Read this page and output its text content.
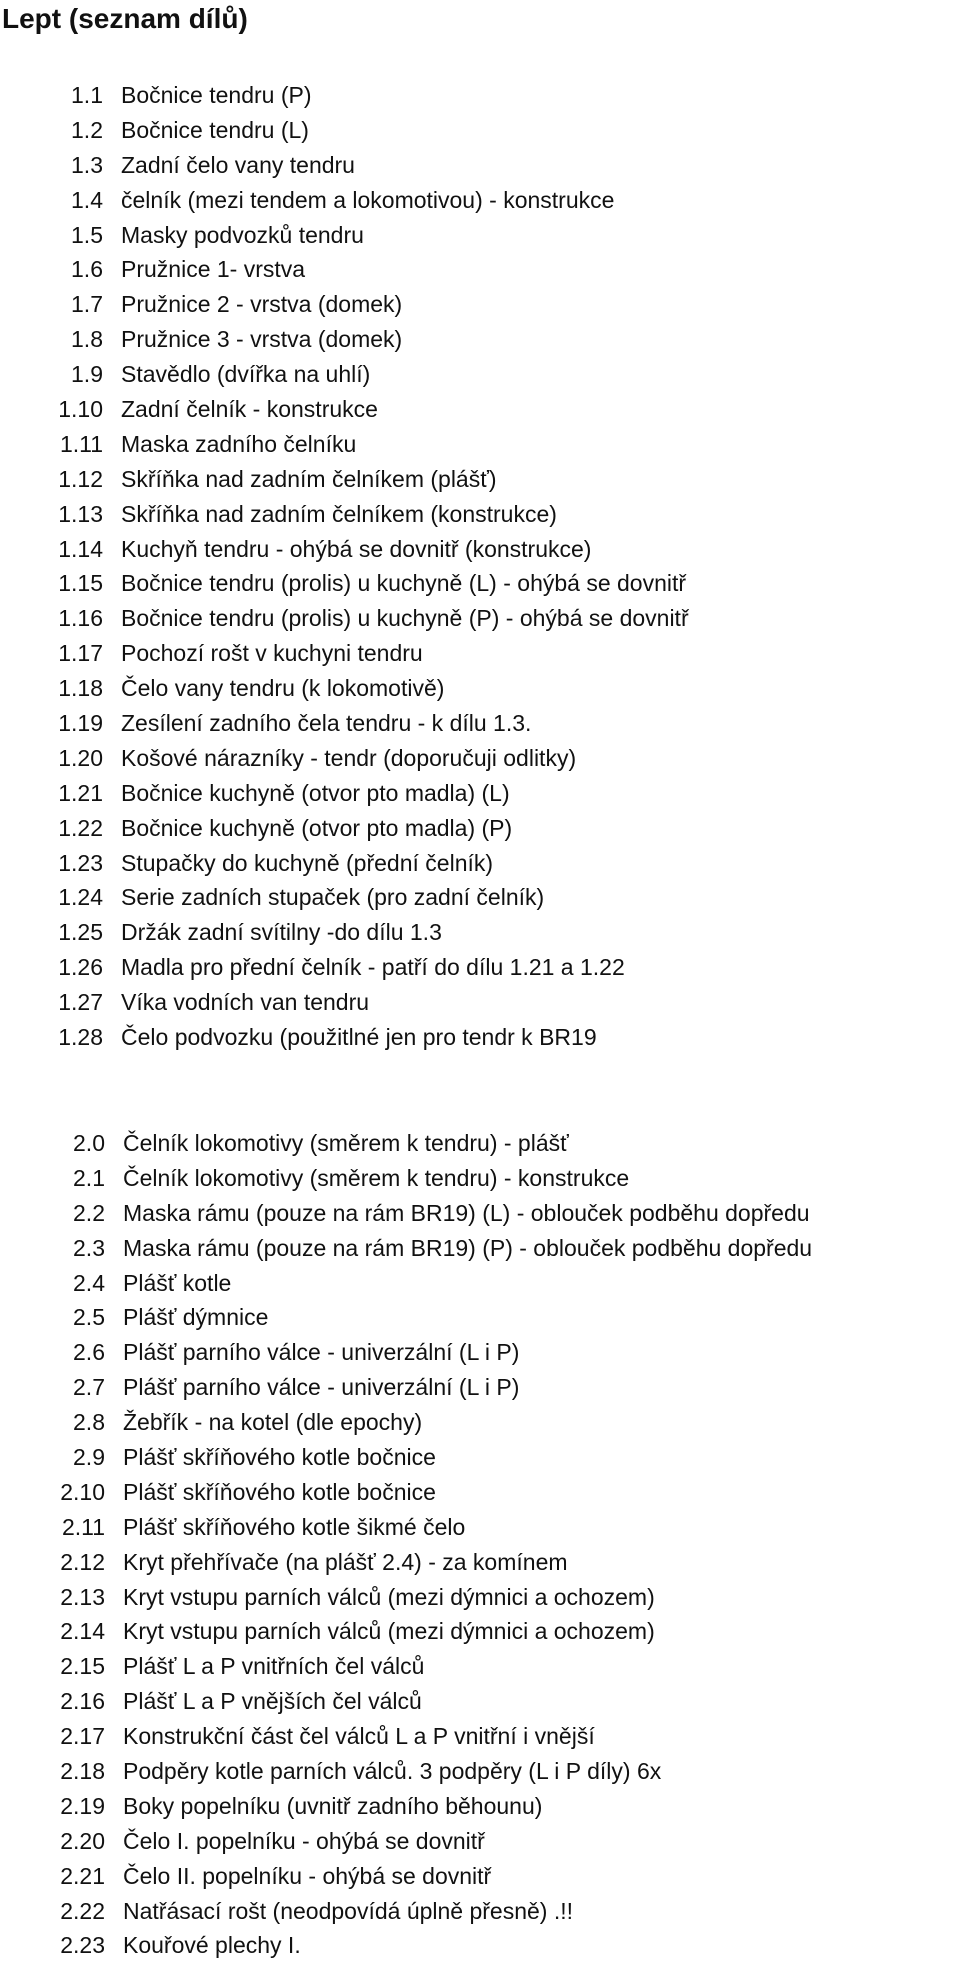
Lept (seznam dílů)
1.1 Bočnice tendru (P)
1.2 Bočnice tendru (L)
1.3 Zadní čelo vany tendru
1.4 čelník (mezi tendem a lokomotivou) - konstrukce
1.5 Masky podvozků tendru
1.6 Pružnice 1- vrstva
1.7 Pružnice 2 - vrstva (domek)
1.8 Pružnice 3 - vrstva (domek)
1.9 Stavědlo (dvířka na uhlí)
1.10 Zadní čelník - konstrukce
1.11 Maska zadního čelníku
1.12 Skříňka nad zadním čelníkem (plášť)
1.13 Skříňka nad zadním čelníkem (konstrukce)
1.14 Kuchyň tendru - ohýbá se dovnitř (konstrukce)
1.15 Bočnice tendru (prolis) u kuchyně (L) - ohýbá se dovnitř
1.16 Bočnice tendru (prolis) u kuchyně (P) - ohýbá se dovnitř
1.17 Pochozí rošt v kuchyni tendru
1.18 Čelo vany tendru (k lokomotivě)
1.19 Zesílení zadního čela tendru - k dílu 1.3.
1.20 Košové nárazníky - tendr (doporučuji odlitky)
1.21 Bočnice kuchyně (otvor pto madla) (L)
1.22 Bočnice kuchyně (otvor pto madla) (P)
1.23 Stupačky do kuchyně (přední čelník)
1.24 Serie zadních stupaček (pro zadní čelník)
1.25 Držák zadní svítilny -do dílu 1.3
1.26 Madla pro přední čelník - patří do dílu 1.21 a 1.22
1.27 Víka vodních van tendru
1.28 Čelo podvozku (použitlné jen pro tendr k BR19
2.0 Čelník lokomotivy (směrem k tendru) - plášť
2.1 Čelník lokomotivy (směrem k tendru) - konstrukce
2.2 Maska rámu (pouze na rám BR19) (L) - oblouček podběhu dopředu
2.3 Maska rámu (pouze na rám BR19) (P) - oblouček podběhu dopředu
2.4 Plášť kotle
2.5 Plášť dýmnice
2.6 Plášť parního válce - univerzální (L i P)
2.7 Plášť parního válce - univerzální (L i P)
2.8 Žebřík - na kotel (dle epochy)
2.9 Plášť skříňového kotle bočnice
2.10 Plášť skříňového kotle bočnice
2.11 Plášť skříňového kotle šikmé čelo
2.12 Kryt přehřívače (na plášť 2.4) - za komínem
2.13 Kryt vstupu parních válců (mezi dýmnici a ochozem)
2.14 Kryt vstupu parních válců (mezi dýmnici a ochozem)
2.15 Plášť L a P vnitřních čel válců
2.16 Plášť L a P vnějších čel válců
2.17 Konstrukční část čel válců L a P vnitřní i vnější
2.18 Podpěry kotle parních válců. 3 podpěry (L i P díly) 6x
2.19 Boky popelníku (uvnitř zadního běhounu)
2.20 Čelo I. popelníku - ohýbá se dovnitř
2.21 Čelo II. popelníku - ohýbá se dovnitř
2.22 Natřásací rošt (neodpovídá úplně přesně) .!!
2.23 Kouřové plechy I.
